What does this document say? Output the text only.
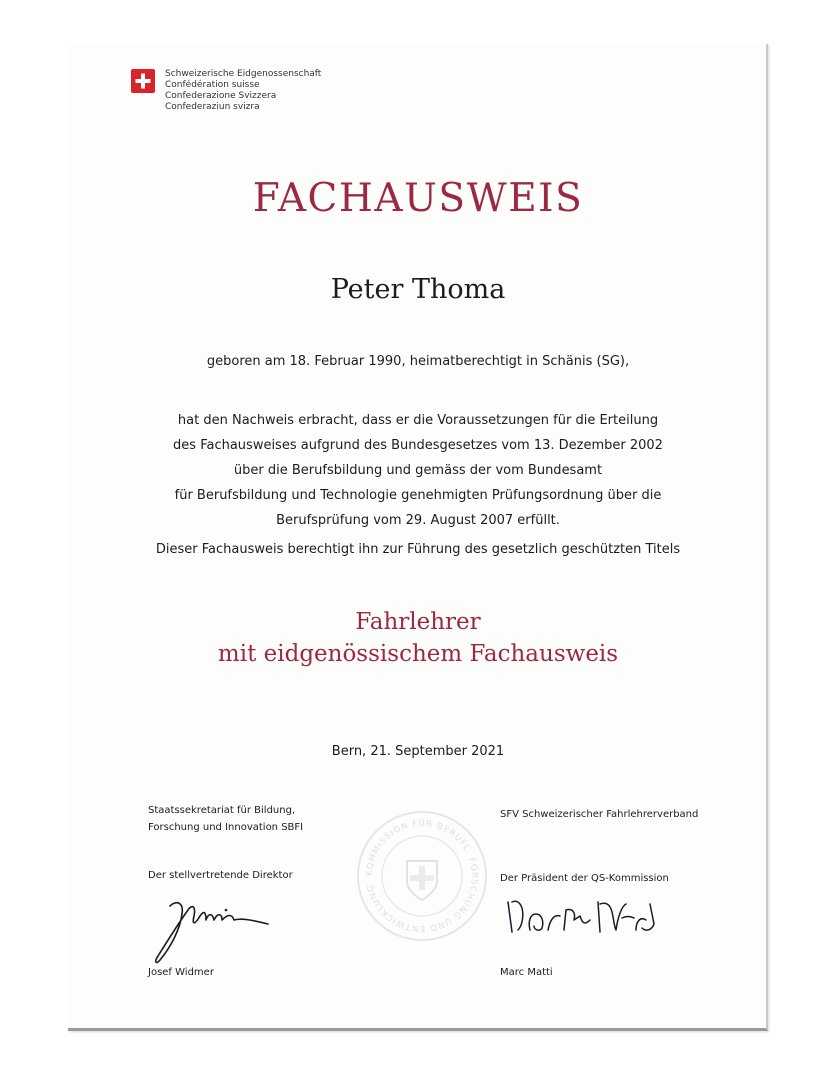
Schweizerische Eidgenossenschaft
Confédération suisse
Confederazione Svizzera
Confederaziun svizra
FACHAUSWEIS
Peter Thoma
geboren am 18. Februar 1990, heimatberechtigt in Schänis (SG),
hat den Nachweis erbracht, dass er die Voraussetzungen für die Erteilung
des Fachausweises aufgrund des Bundesgesetzes vom 13. Dezember 2002
über die Berufsbildung und gemäss der vom Bundesamt
für Berufsbildung und Technologie genehmigten Prüfungsordnung über die
Berufsprüfung vom 29. August 2007 erfüllt.
Dieser Fachausweis berechtigt ihn zur Führung des gesetzlich geschützten Titels
Fahrlehrer
mit eidgenössischem Fachausweis
Bern, 21. September 2021
Staatssekretariat für Bildung,
Forschung und Innovation SBFI
Der stellvertretende Direktor
Josef Widmer
KOMMISSION FÜR BERUFL. FORSCHUNG UND ENTWICKLUNG
SFV Schweizerischer Fahrlehrerverband
Der Präsident der QS-Kommission
Marc Matti
